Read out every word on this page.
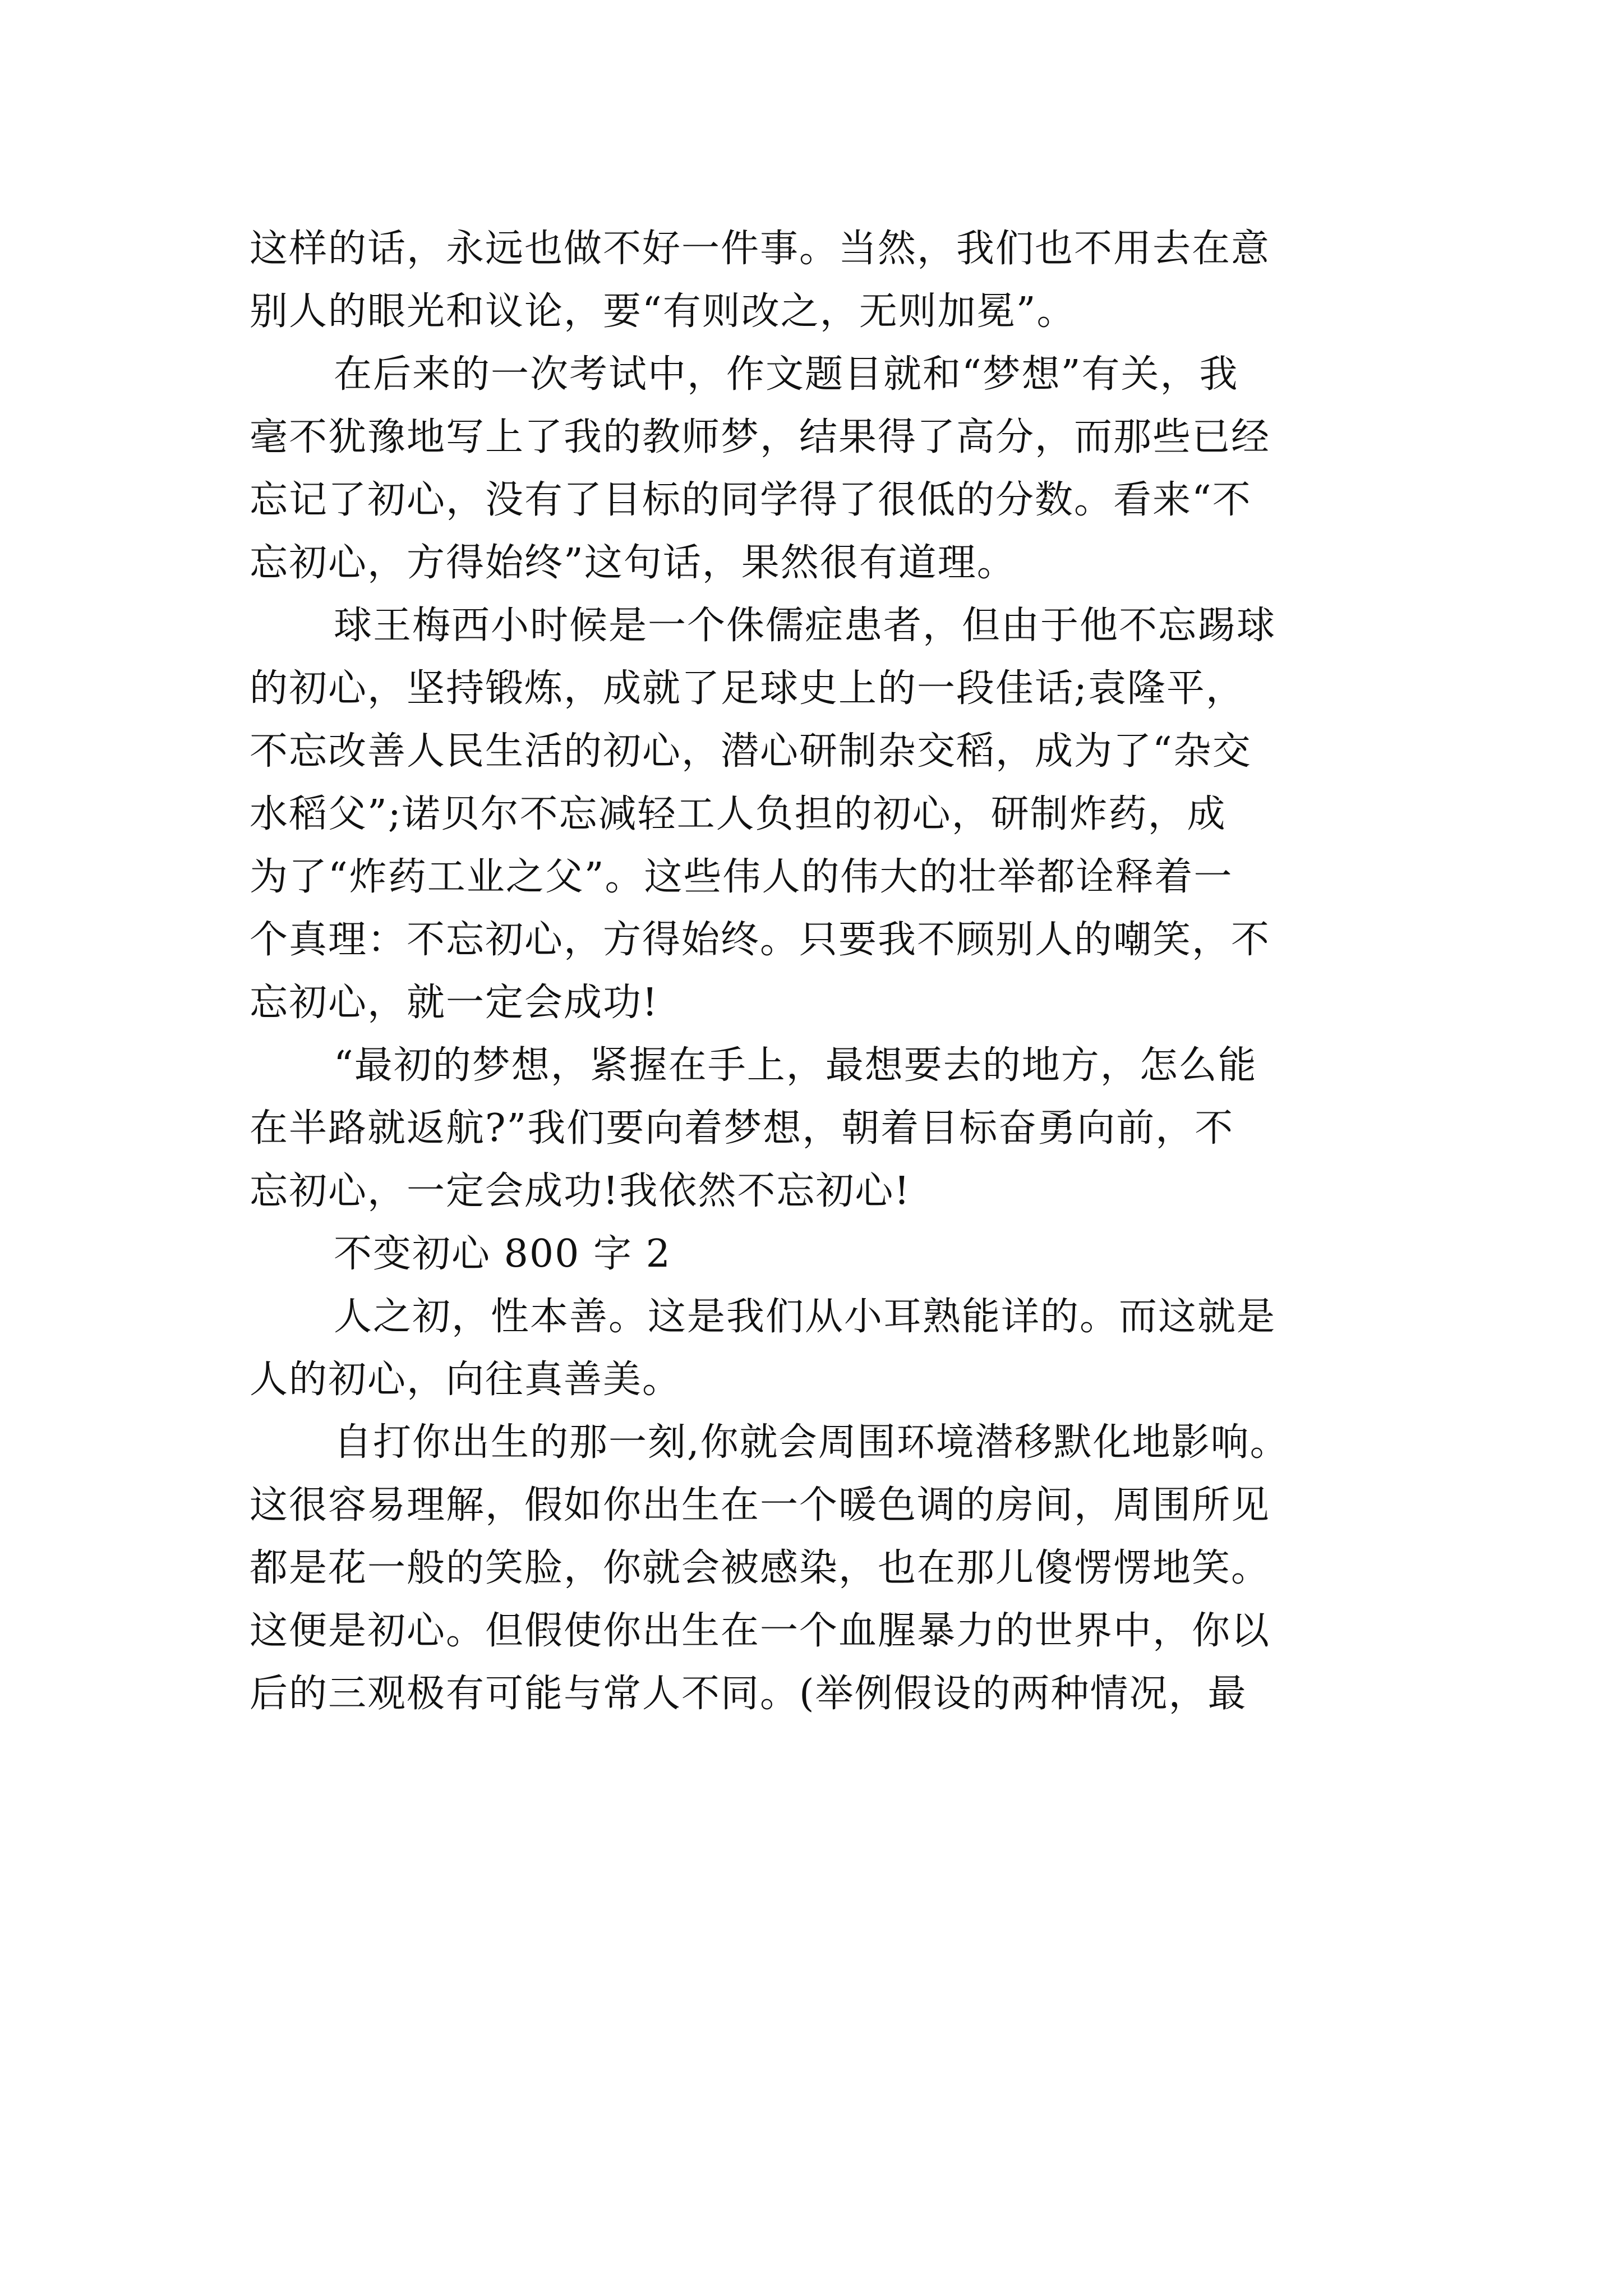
这样的话，永远也做不好一件事。当然，我们也不用去在意
别人的眼光和议论，要“有则改之，无则加冕”。
在后来的一次考试中，作文题目就和“梦想”有关，我
毫不犹豫地写上了我的教师梦，结果得了高分，而那些已经
忘记了初心，没有了目标的同学得了很低的分数。看来“不
忘初心，方得始终”这句话，果然很有道理。
球王梅西小时候是一个侏儒症患者，但由于他不忘踢球
的初心，坚持锻炼，成就了足球史上的一段佳话;袁隆平，
不忘改善人民生活的初心，潜心研制杂交稻，成为了“杂交
水稻父”;诺贝尔不忘减轻工人负担的初心，研制炸药，成
为了“炸药工业之父”。这些伟人的伟大的壮举都诠释着一
个真理：不忘初心，方得始终。只要我不顾别人的嘲笑，不
忘初心，就一定会成功!
“最初的梦想，紧握在手上，最想要去的地方，怎么能
在半路就返航?”我们要向着梦想，朝着目标奋勇向前，不
忘初心，一定会成功!我依然不忘初心!
不变初心 800 字 2
人之初，性本善。这是我们从小耳熟能详的。而这就是
人的初心，向往真善美。
自打你出生的那一刻,你就会周围环境潜移默化地影响。
这很容易理解，假如你出生在一个暖色调的房间，周围所见
都是花一般的笑脸，你就会被感染，也在那儿傻愣愣地笑。
这便是初心。但假使你出生在一个血腥暴力的世界中，你以
后的三观极有可能与常人不同。(举例假设的两种情况，最
